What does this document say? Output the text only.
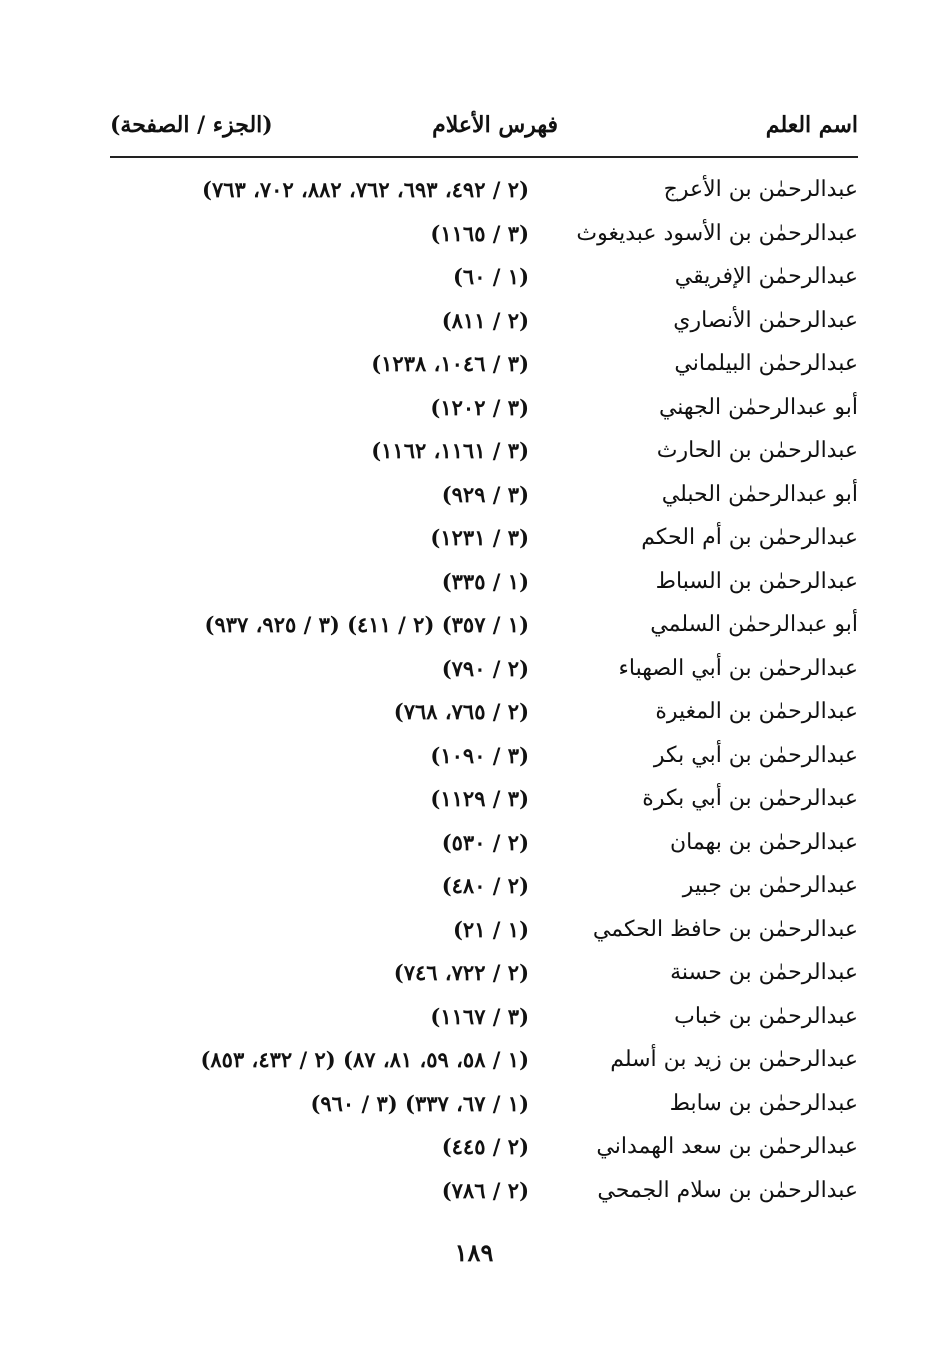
اسم العلم
فهرس الأعلام
(الجزء / الصفحة)
عبدالرحمٰن بن الأعرج
(٢ / ٤٩٢، ٦٩٣، ٧٦٢، ٨٨٢، ٧٠٢، ٧٦٣)
عبدالرحمٰن بن الأسود عبديغوث
(٣ / ١١٦٥)
عبدالرحمٰن الإفريقي
(١ / ٦٠)
عبدالرحمٰن الأنصاري
(٢ / ٨١١)
عبدالرحمٰن البيلماني
(٣ / ١٠٤٦، ١٢٣٨)
أبو عبدالرحمٰن الجهني
(٣ / ١٢٠٢)
عبدالرحمٰن بن الحارث
(٣ / ١١٦١، ١١٦٢)
أبو عبدالرحمٰن الحبلي
(٣ / ٩٢٩)
عبدالرحمٰن بن أم الحكم
(٣ / ١٢٣١)
عبدالرحمٰن بن السباط
(١ / ٣٣٥)
أبو عبدالرحمٰن السلمي
(١ / ٣٥٧) (٢ / ٤١١) (٣ / ٩٢٥، ٩٣٧)
عبدالرحمٰن بن أبي الصهباء
(٢ / ٧٩٠)
عبدالرحمٰن بن المغيرة
(٢ / ٧٦٥، ٧٦٨)
عبدالرحمٰن بن أبي بكر
(٣ / ١٠٩٠)
عبدالرحمٰن بن أبي بكرة
(٣ / ١١٢٩)
عبدالرحمٰن بن بهمان
(٢ / ٥٣٠)
عبدالرحمٰن بن جبير
(٢ / ٤٨٠)
عبدالرحمٰن بن حافظ الحكمي
(١ / ٢١)
عبدالرحمٰن بن حسنة
(٢ / ٧٢٢، ٧٤٦)
عبدالرحمٰن بن خباب
(٣ / ١١٦٧)
عبدالرحمٰن بن زيد بن أسلم
(١ / ٥٨، ٥٩، ٨١، ٨٧) (٢ / ٤٣٢، ٨٥٣)
عبدالرحمٰن بن سابط
(١ / ٦٧، ٣٣٧) (٣ / ٩٦٠)
عبدالرحمٰن بن سعد الهمداني
(٢ / ٤٤٥)
عبدالرحمٰن بن سلام الجمحي
(٢ / ٧٨٦)
١٨٩
